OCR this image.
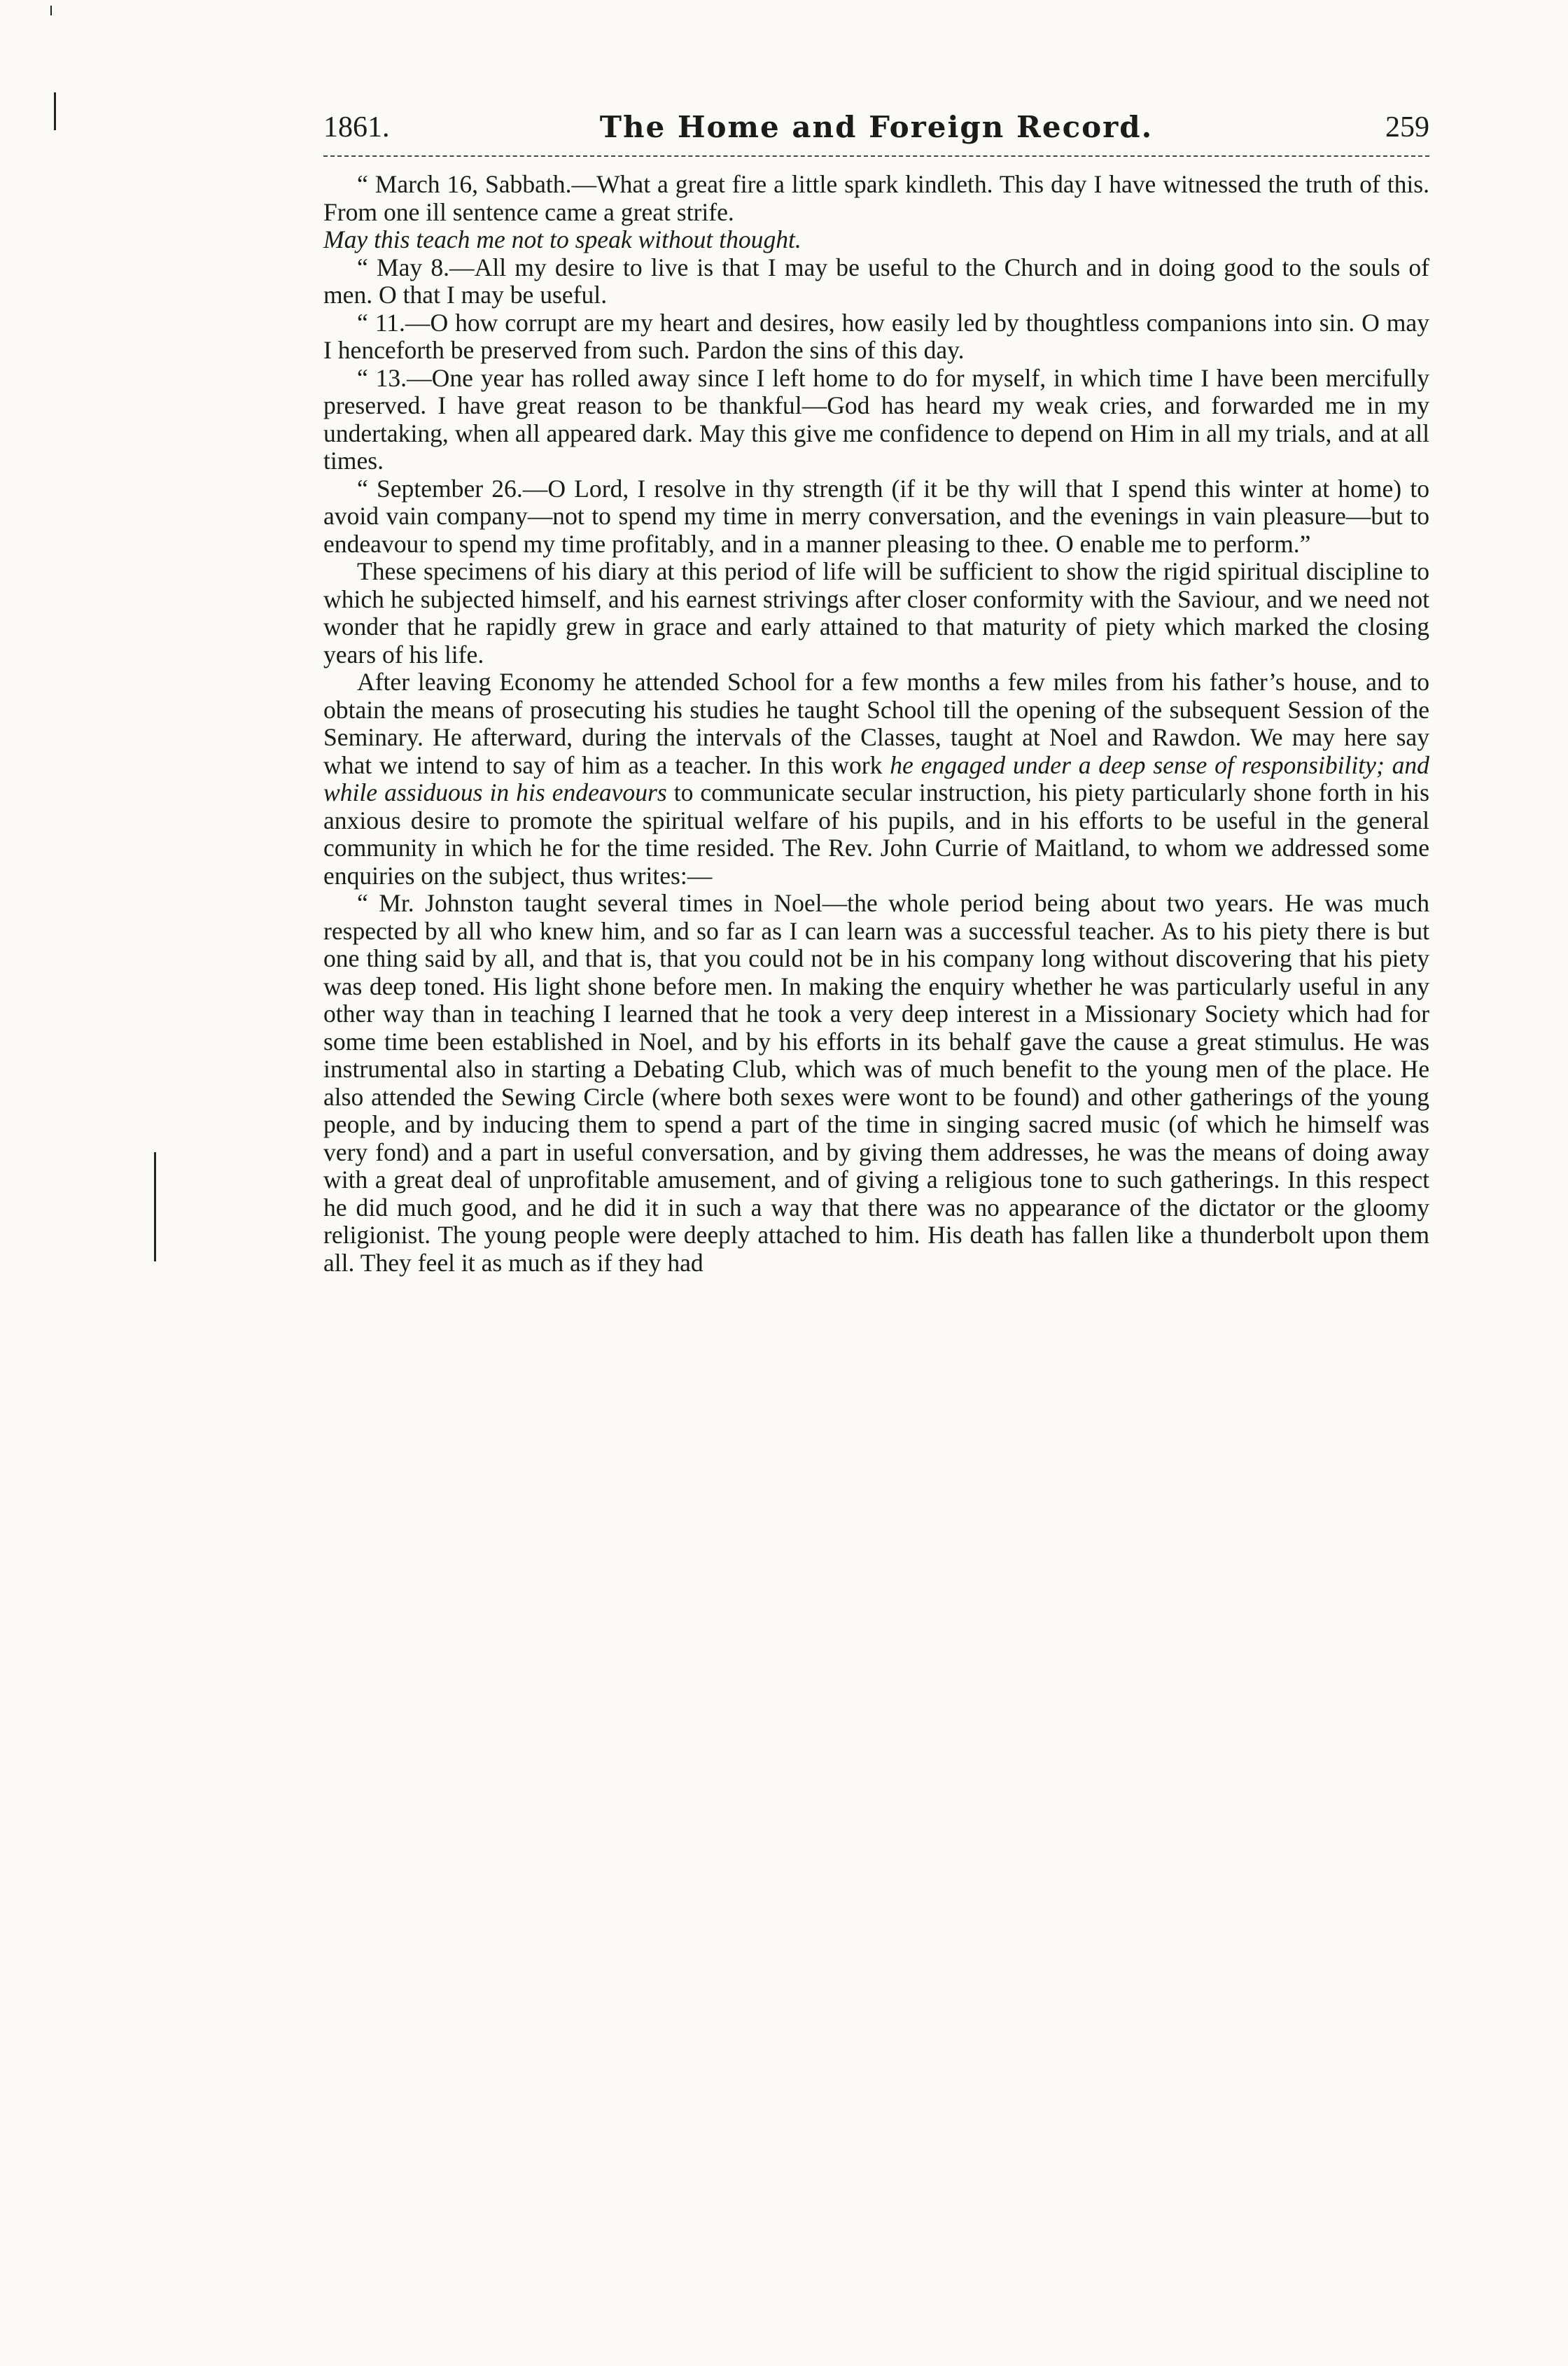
1861.	The Home and Foreign Record.	259

“ March 16, Sabbath.—What a great fire a little spark kindleth. This day I have witnessed the truth of this. From one ill sentence came a great strife.

May this teach me not to speak without thought.

“ May 8.—All my desire to live is that I may be useful to the Church and in doing good to the souls of men. O that I may be useful.

“ 11.—O how corrupt are my heart and desires, how easily led by thoughtless companions into sin. O may I henceforth be preserved from such. Pardon the sins of this day.

“ 13.—One year has rolled away since I left home to do for myself, in which time I have been mercifully preserved. I have great reason to be thankful—God has heard my weak cries, and forwarded me in my undertaking, when all appeared dark. May this give me confidence to depend on Him in all my trials, and at all times.

“ September 26.—O Lord, I resolve in thy strength (if it be thy will that I spend this winter at home) to avoid vain company—not to spend my time in merry conversation, and the evenings in vain pleasure—but to endeavour to spend my time profitably, and in a manner pleasing to thee. O enable me to perform.”

These specimens of his diary at this period of life will be sufficient to show the rigid spiritual discipline to which he subjected himself, and his earnest strivings after closer conformity with the Saviour, and we need not wonder that he rapidly grew in grace and early attained to that maturity of piety which marked the closing years of his life.

After leaving Economy he attended School for a few months a few miles from his father’s house, and to obtain the means of prosecuting his studies he taught School till the opening of the subsequent Session of the Seminary. He afterward, during the intervals of the Classes, taught at Noel and Rawdon. We may here say what we intend to say of him as a teacher. In this work he engaged under a deep sense of responsibility; and while assiduous in his endeavours to communicate secular instruction, his piety particularly shone forth in his anxious desire to promote the spiritual welfare of his pupils, and in his efforts to be useful in the general community in which he for the time resided. The Rev. John Currie of Maitland, to whom we addressed some enquiries on the subject, thus writes:—

“ Mr. Johnston taught several times in Noel—the whole period being about two years. He was much respected by all who knew him, and so far as I can learn was a successful teacher. As to his piety there is but one thing said by all, and that is, that you could not be in his company long without discovering that his piety was deep toned. His light shone before men. In making the enquiry whether he was particularly useful in any other way than in teaching I learned that he took a very deep interest in a Missionary Society which had for some time been established in Noel, and by his efforts in its behalf gave the cause a great stimulus. He was instrumental also in starting a Debating Club, which was of much benefit to the young men of the place. He also attended the Sewing Circle (where both sexes were wont to be found) and other gatherings of the young people, and by inducing them to spend a part of the time in singing sacred music (of which he himself was very fond) and a part in useful conversation, and by giving them addresses, he was the means of doing away with a great deal of unprofitable amusement, and of giving a religious tone to such gatherings. In this respect he did much good, and he did it in such a way that there was no appearance of the dictator or the gloomy religionist. The young people were deeply attached to him. His death has fallen like a thunderbolt upon them all. They feel it as much as if they had
